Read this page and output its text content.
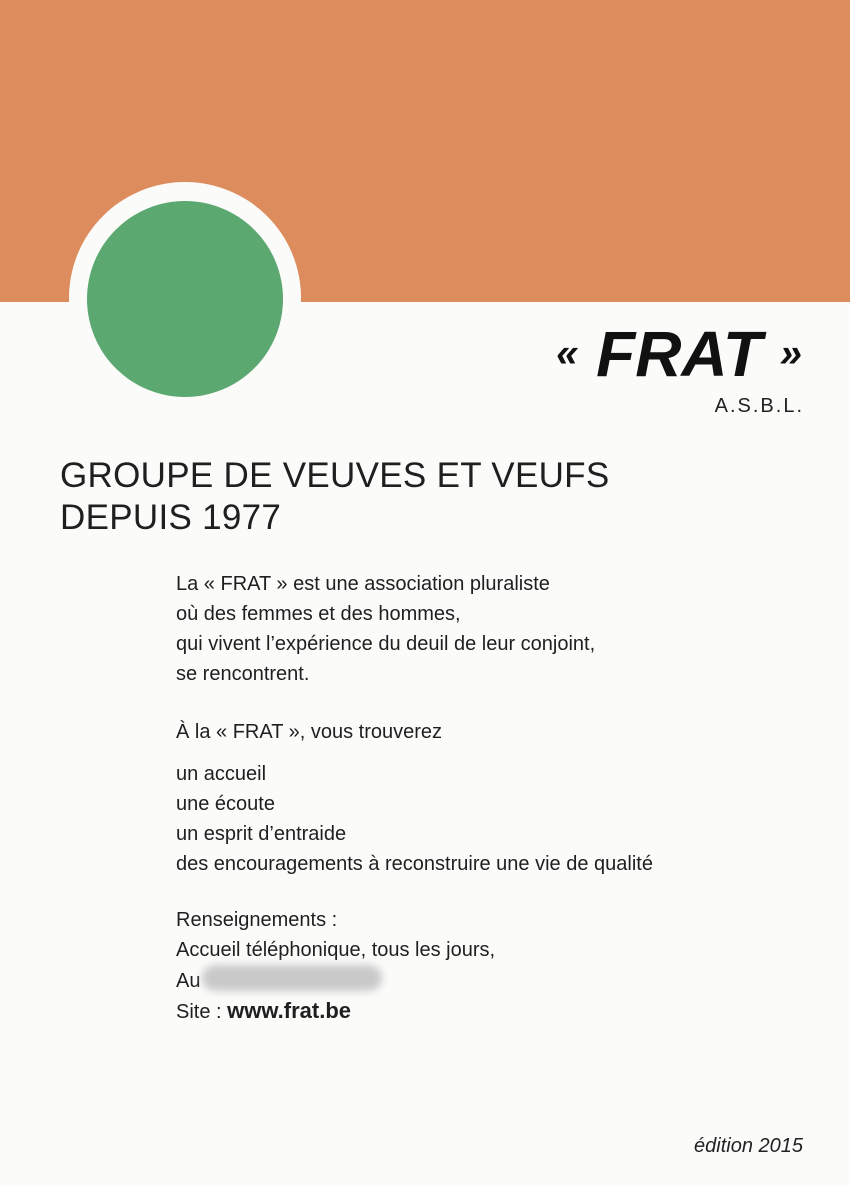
« FRAT »
A.S.B.L.
GROUPE DE VEUVES ET VEUFS
DEPUIS 1977
La « FRAT » est une association pluraliste
où des femmes et des hommes,
qui vivent l’expérience du deuil de leur conjoint,
se rencontrent.
À la « FRAT », vous trouverez
un accueil
une écoute
un esprit d’entraide
des encouragements à reconstruire une vie de qualité
Renseignements :
Accueil téléphonique, tous les jours,
Au
Site : www.frat.be
édition 2015
